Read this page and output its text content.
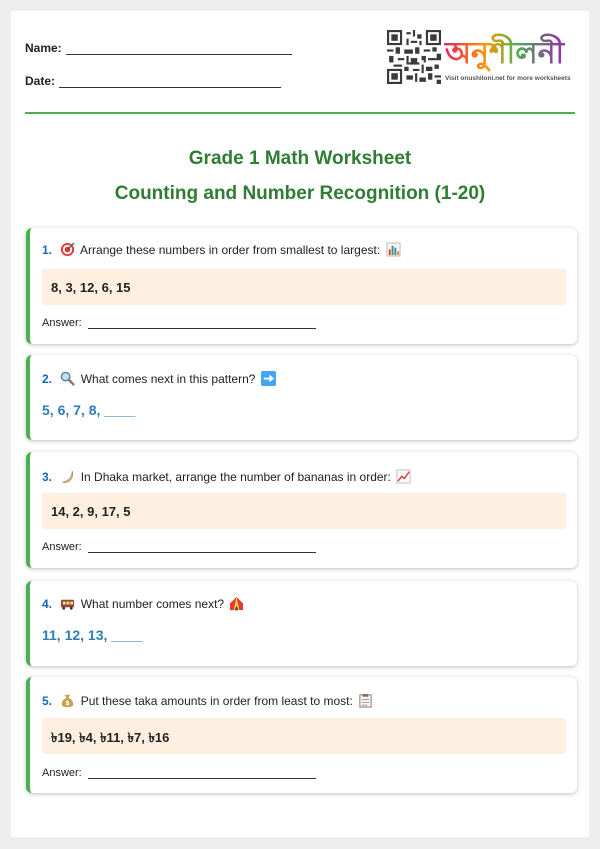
Name:
Date:
অনুশীলনী
Visit onushiloni.net for more worksheets
Grade 1 Math Worksheet
Counting and Number Recognition (1-20)
1. Arrange these numbers in order from smallest to largest:
8, 3, 12, 6, 15
Answer:
2. What comes next in this pattern?
5, 6, 7, 8, ____
3. In Dhaka market, arrange the number of bananas in order:
14, 2, 9, 17, 5
Answer:
4. What number comes next?
11, 12, 13, ____
5. $ Put these taka amounts in order from least to most:
৳19, ৳4, ৳11, ৳7, ৳16
Answer:
